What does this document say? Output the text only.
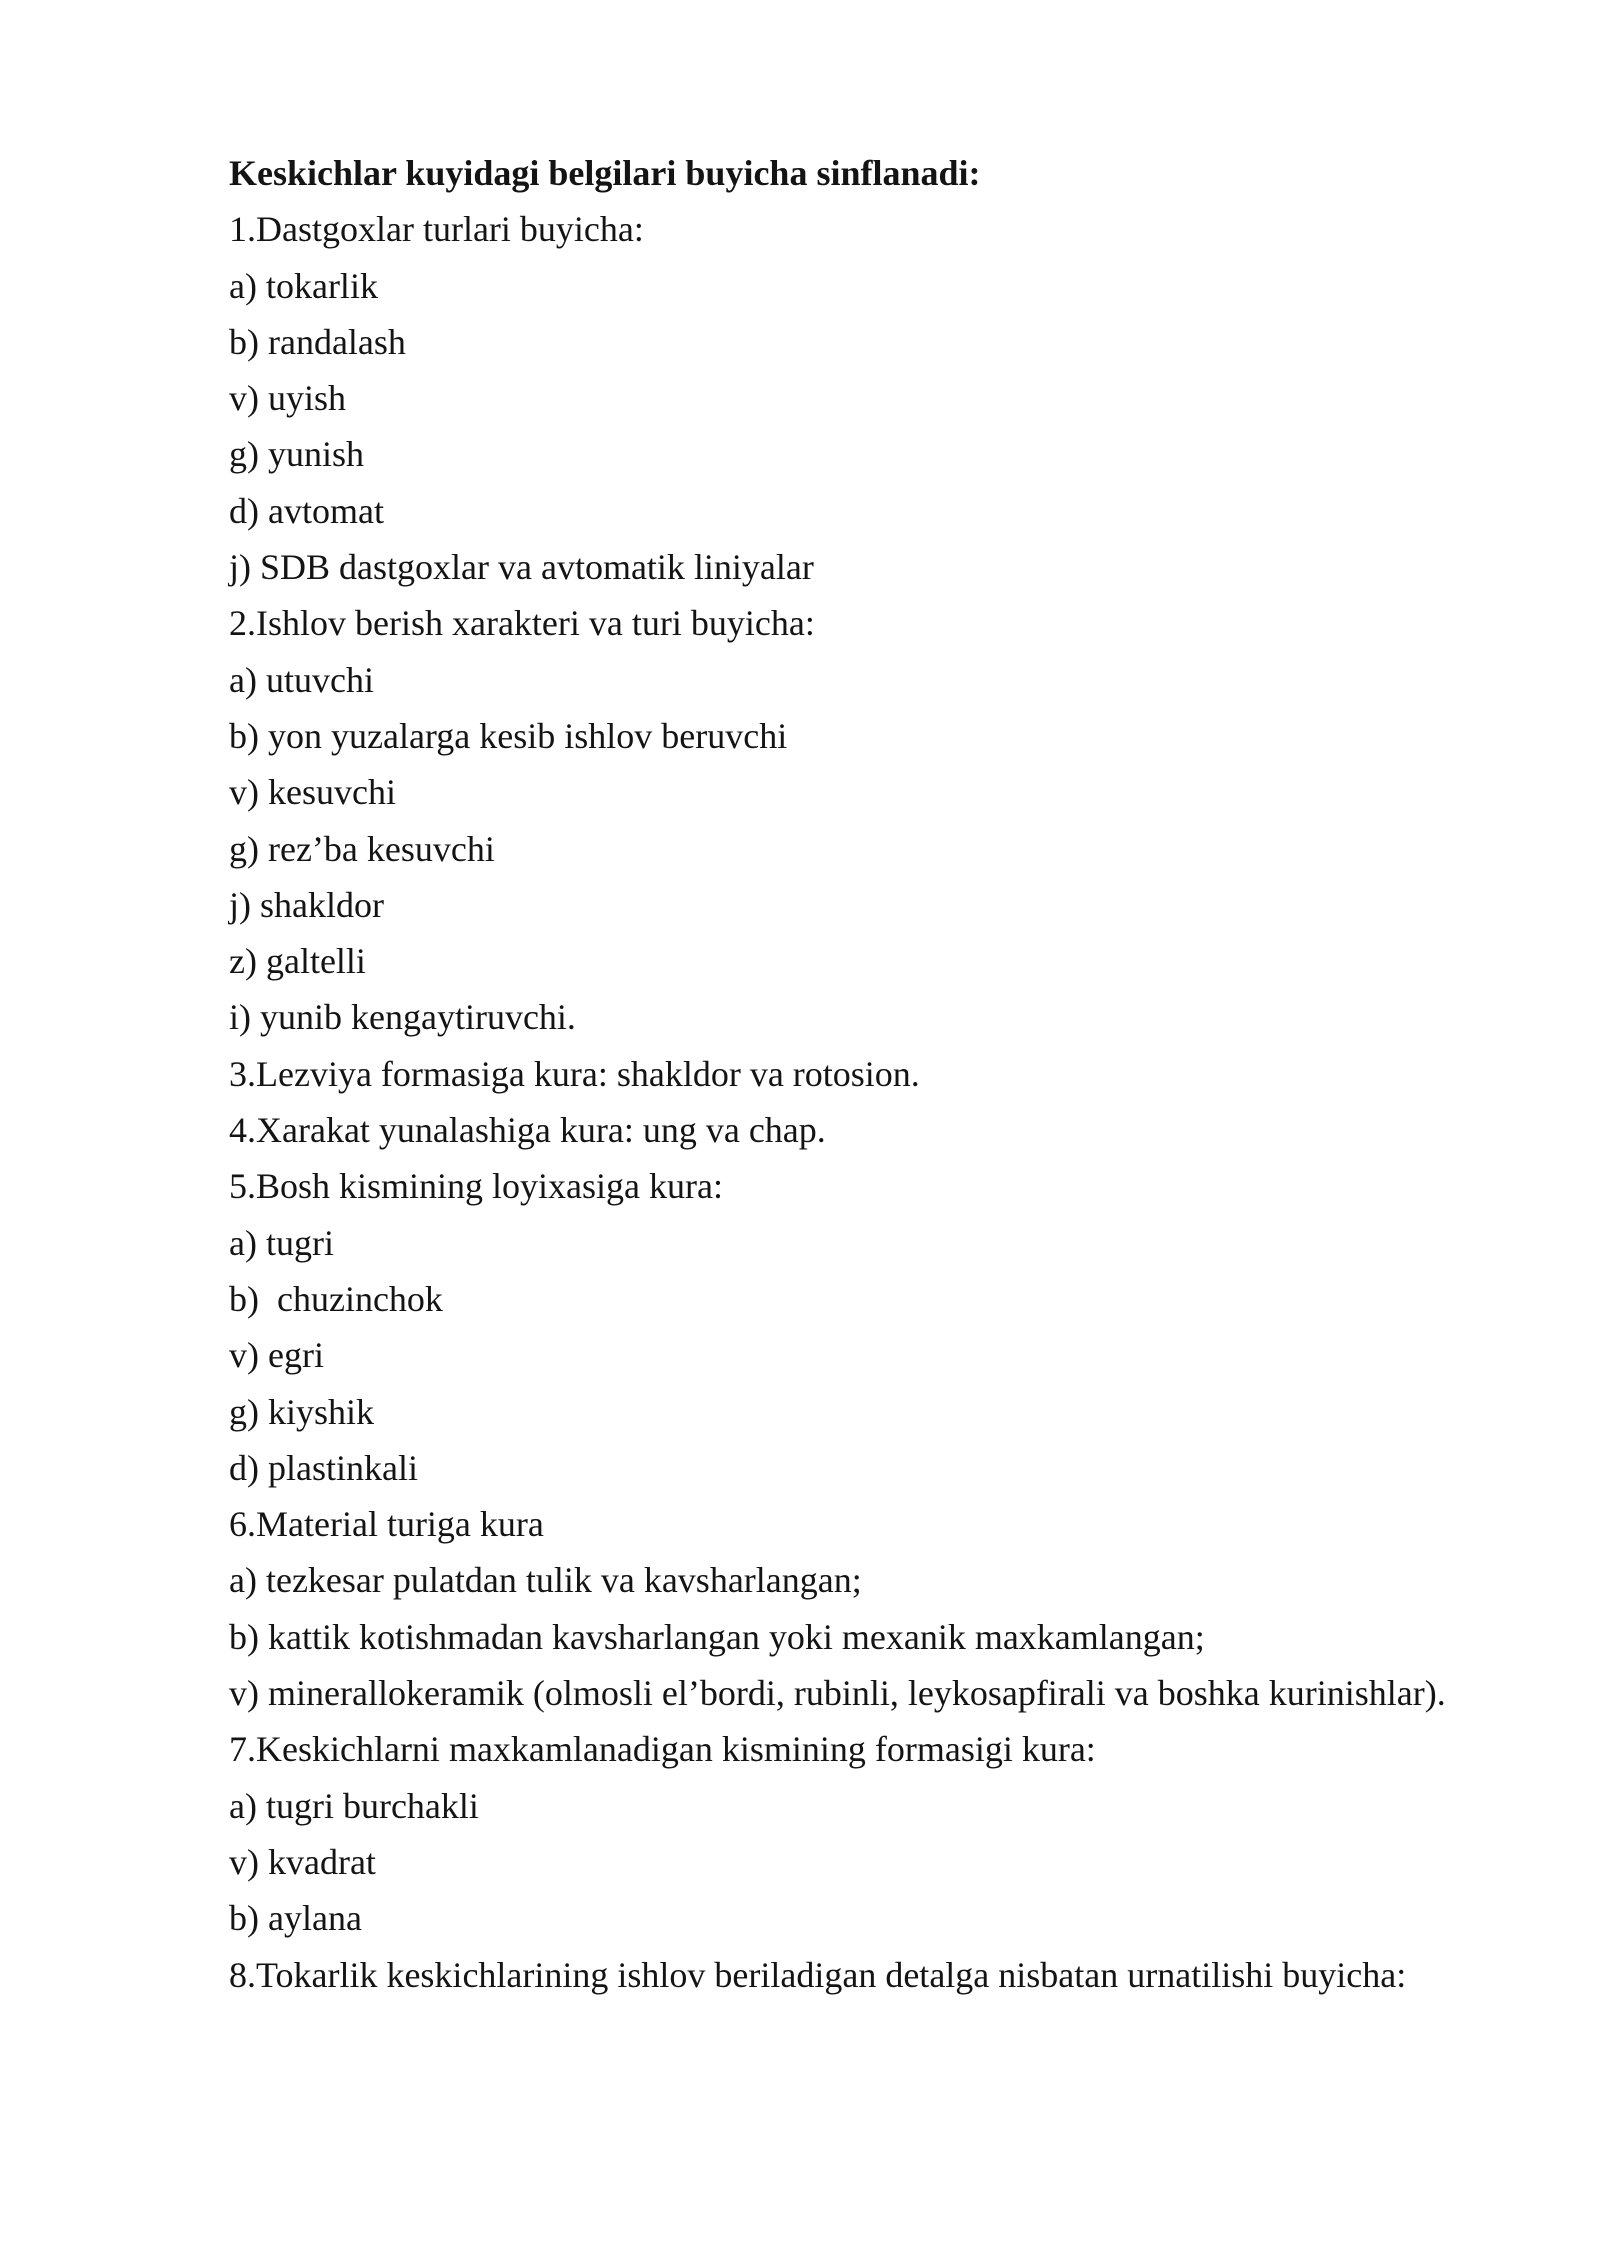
Keskichlar kuyidagi belgilari buyicha sinflanadi:

1.Dastgoxlar turlari buyicha:

a) tokarlik

b) randalash

v) uyish

g) yunish

d) avtomat

j) SDB dastgoxlar va avtomatik liniyalar

2.Ishlov berish xarakteri va turi buyicha:

a) utuvchi

b) yon yuzalarga kesib ishlov beruvchi

v) kesuvchi

g) rez’ba kesuvchi

j) shakldor

z) galtelli

i) yunib kengaytiruvchi.

3.Lezviya formasiga kura: shakldor va rotosion.

4.Xarakat yunalashiga kura: ung va chap.

5.Bosh kismining loyixasiga kura:

a) tugri

b)  chuzinchok

v) egri

g) kiyshik

d) plastinkali

6.Material turiga kura

a) tezkesar pulatdan tulik va kavsharlangan;

b) kattik kotishmadan kavsharlangan yoki mexanik maxkamlangan;

v) minerallokeramik (olmosli el’bordi, rubinli, leykosapfirali va boshka kurinishlar).

7.Keskichlarni maxkamlanadigan kismining formasigi kura:

a) tugri burchakli

v) kvadrat

b) aylana

8.Tokarlik keskichlarining ishlov beriladigan detalga nisbatan urnatilishi buyicha:
